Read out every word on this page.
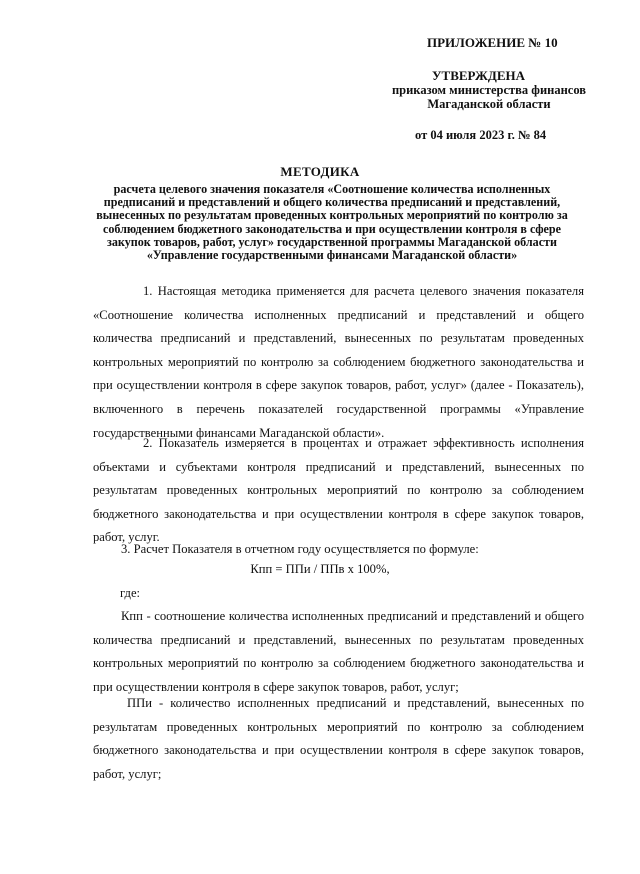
ПРИЛОЖЕНИЕ № 10
УТВЕРЖДЕНА
приказом министерства финансов
Магаданской области
от 04 июля 2023 г. № 84
МЕТОДИКА
расчета целевого значения показателя «Соотношение количества исполненных предписаний и представлений и общего количества предписаний и представлений, вынесенных по результатам проведенных контрольных мероприятий по контролю за соблюдением бюджетного законодательства и при осуществлении контроля в сфере закупок товаров, работ, услуг» государственной программы Магаданской области «Управление государственными финансами Магаданской области»
1. Настоящая методика применяется для расчета целевого значения показателя «Соотношение количества исполненных предписаний и представлений и общего количества предписаний и представлений, вынесенных по результатам проведенных контрольных мероприятий по контролю за соблюдением бюджетного законодательства и при осуществлении контроля в сфере закупок товаров, работ, услуг» (далее - Показатель), включенного в перечень показателей государственной программы «Управление государственными финансами Магаданской области».
2. Показатель измеряется в процентах и отражает эффективность исполнения объектами и субъектами контроля предписаний и представлений, вынесенных по результатам проведенных контрольных мероприятий по контролю за соблюдением бюджетного законодательства и при осуществлении контроля в сфере закупок товаров, работ, услуг.
3. Расчет Показателя в отчетном году осуществляется по формуле:
Кпп = ППи / ППв x 100%,
где:
Кпп - соотношение количества исполненных предписаний и представлений и общего количества предписаний и представлений, вынесенных по результатам проведенных контрольных мероприятий по контролю за соблюдением бюджетного законодательства и при осуществлении контроля в сфере закупок товаров, работ, услуг;
ППи - количество исполненных предписаний и представлений, вынесенных по результатам проведенных контрольных мероприятий по контролю за соблюдением бюджетного законодательства и при осуществлении контроля в сфере закупок товаров, работ, услуг;
